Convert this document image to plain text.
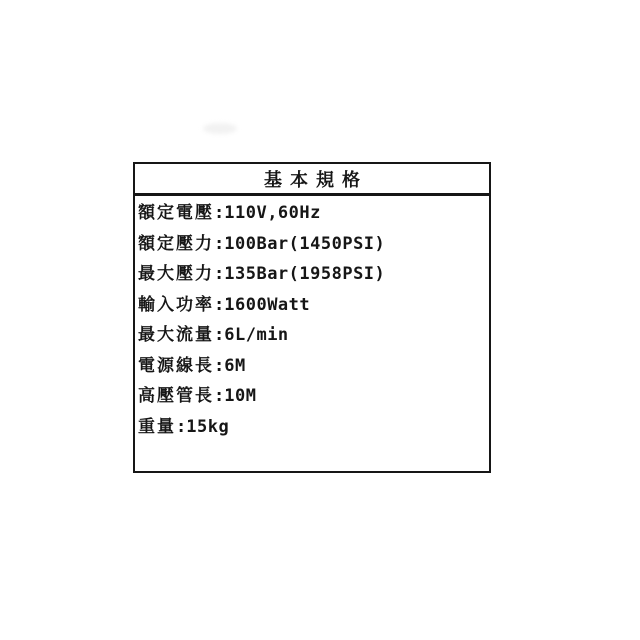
基本規格
額定電壓:110V,60Hz
額定壓力:100Bar(1450PSI)
最大壓力:135Bar(1958PSI)
輸入功率:1600Watt
最大流量:6L/min
電源線長:6M
高壓管長:10M
重量:15kg
